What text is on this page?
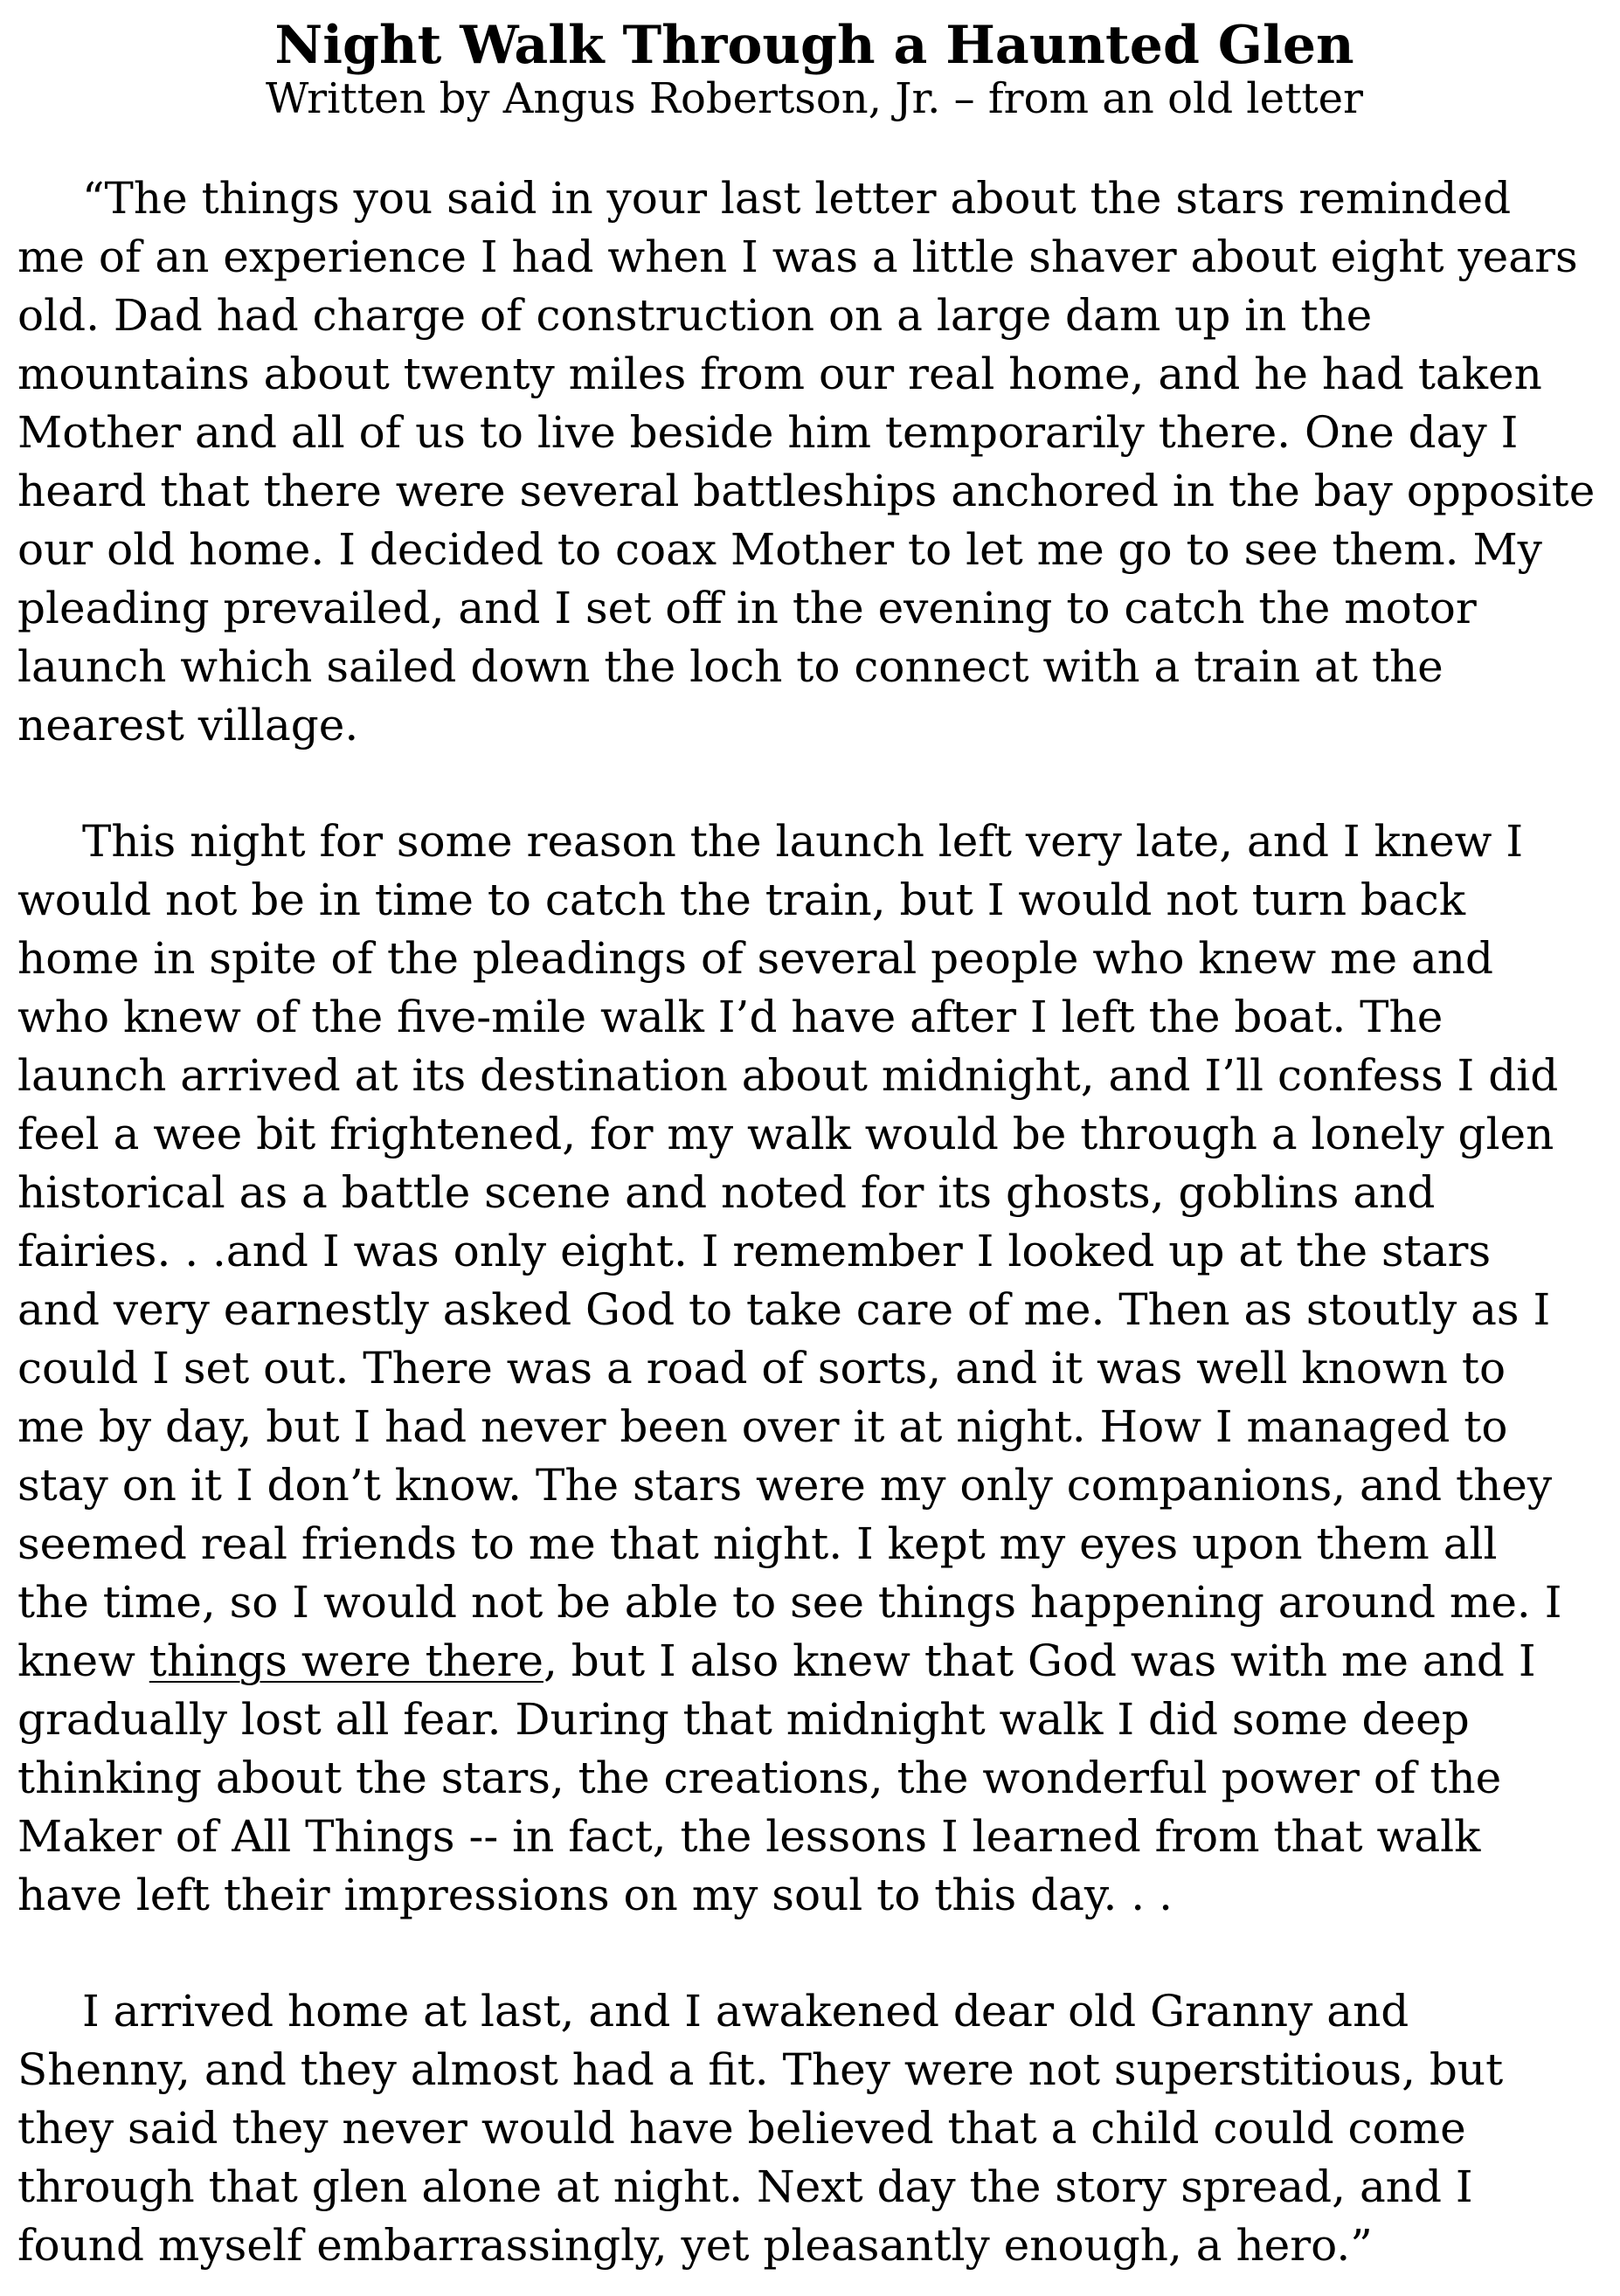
Night Walk Through a Haunted Glen
Written by Angus Robertson, Jr. – from an old letter
“The things you said in your last letter about the stars reminded
me of an experience I had when I was a little shaver about eight years
old. Dad had charge of construction on a large dam up in the
mountains about twenty miles from our real home, and he had taken
Mother and all of us to live beside him temporarily there. One day I
heard that there were several battleships anchored in the bay opposite
our old home. I decided to coax Mother to let me go to see them. My
pleading prevailed, and I set off in the evening to catch the motor
launch which sailed down the loch to connect with a train at the
nearest village.
This night for some reason the launch left very late, and I knew I
would not be in time to catch the train, but I would not turn back
home in spite of the pleadings of several people who knew me and
who knew of the five-mile walk I’d have after I left the boat. The
launch arrived at its destination about midnight, and I’ll confess I did
feel a wee bit frightened, for my walk would be through a lonely glen
historical as a battle scene and noted for its ghosts, goblins and
fairies. . .and I was only eight. I remember I looked up at the stars
and very earnestly asked God to take care of me. Then as stoutly as I
could I set out. There was a road of sorts, and it was well known to
me by day, but I had never been over it at night. How I managed to
stay on it I don’t know. The stars were my only companions, and they
seemed real friends to me that night. I kept my eyes upon them all
the time, so I would not be able to see things happening around me. I
knew things were there, but I also knew that God was with me and I
gradually lost all fear. During that midnight walk I did some deep
thinking about the stars, the creations, the wonderful power of the
Maker of All Things -- in fact, the lessons I learned from that walk
have left their impressions on my soul to this day. . .
I arrived home at last, and I awakened dear old Granny and
Shenny, and they almost had a fit. They were not superstitious, but
they said they never would have believed that a child could come
through that glen alone at night. Next day the story spread, and I
found myself embarrassingly, yet pleasantly enough, a hero.”
